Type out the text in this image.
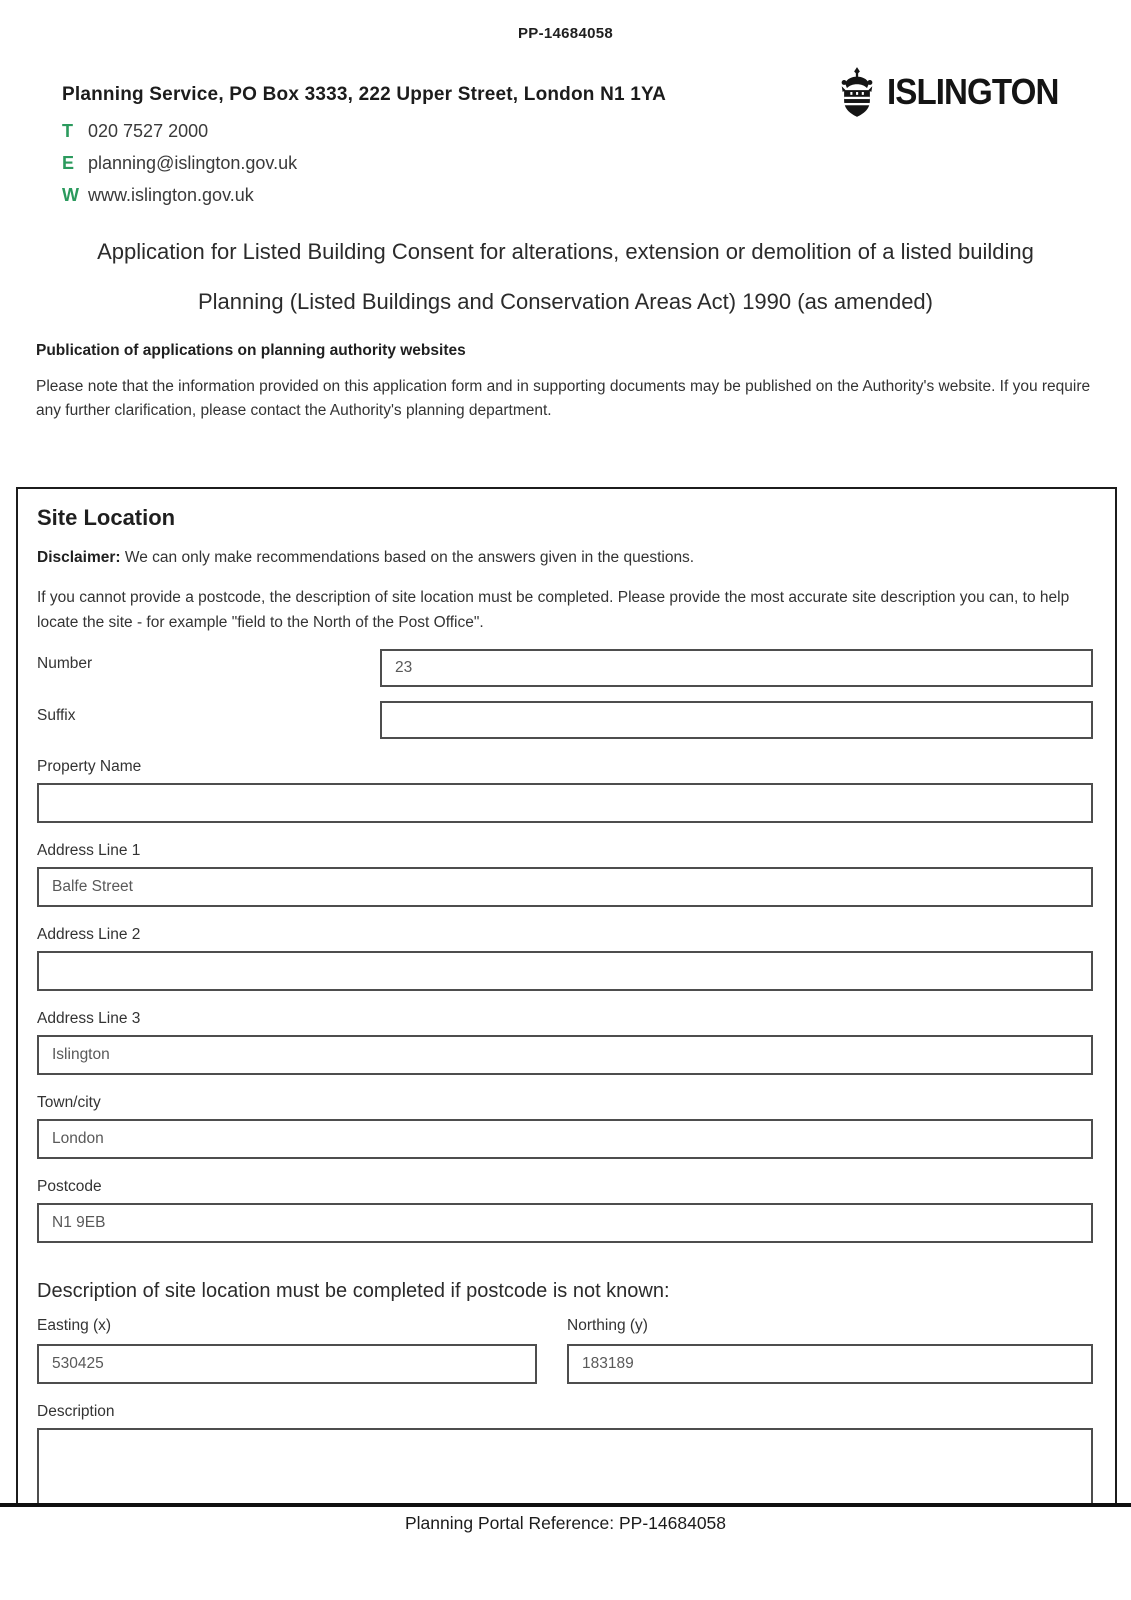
PP-14684058
Planning Service, PO Box 3333, 222 Upper Street, London N1 1YA
T 020 7527 2000
E planning@islington.gov.uk
W www.islington.gov.uk
ISLINGTON
Application for Listed Building Consent for alterations, extension or demolition of a listed building
Planning (Listed Buildings and Conservation Areas Act) 1990 (as amended)
Publication of applications on planning authority websites
Please note that the information provided on this application form and in supporting documents may be published on the Authority's website. If you require any further clarification, please contact the Authority's planning department.
Site Location
Disclaimer: We can only make recommendations based on the answers given in the questions.
If you cannot provide a postcode, the description of site location must be completed. Please provide the most accurate site description you can, to help locate the site - for example "field to the North of the Post Office".
Number
23
Suffix
Property Name
Address Line 1
Balfe Street
Address Line 2
Address Line 3
Islington
Town/city
London
Postcode
N1 9EB
Description of site location must be completed if postcode is not known:
Easting (x)
530425	Northing (y)
183189
Description
Planning Portal Reference: PP-14684058
